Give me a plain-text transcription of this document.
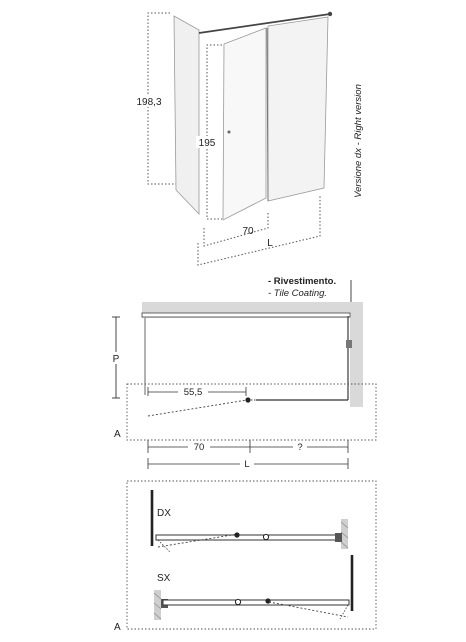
198,3
195
70
L
Versione dx - Right version
- Rivestimento.
- Tile Coating.
P
A
55,5
70	?
L
A
DX
SX
